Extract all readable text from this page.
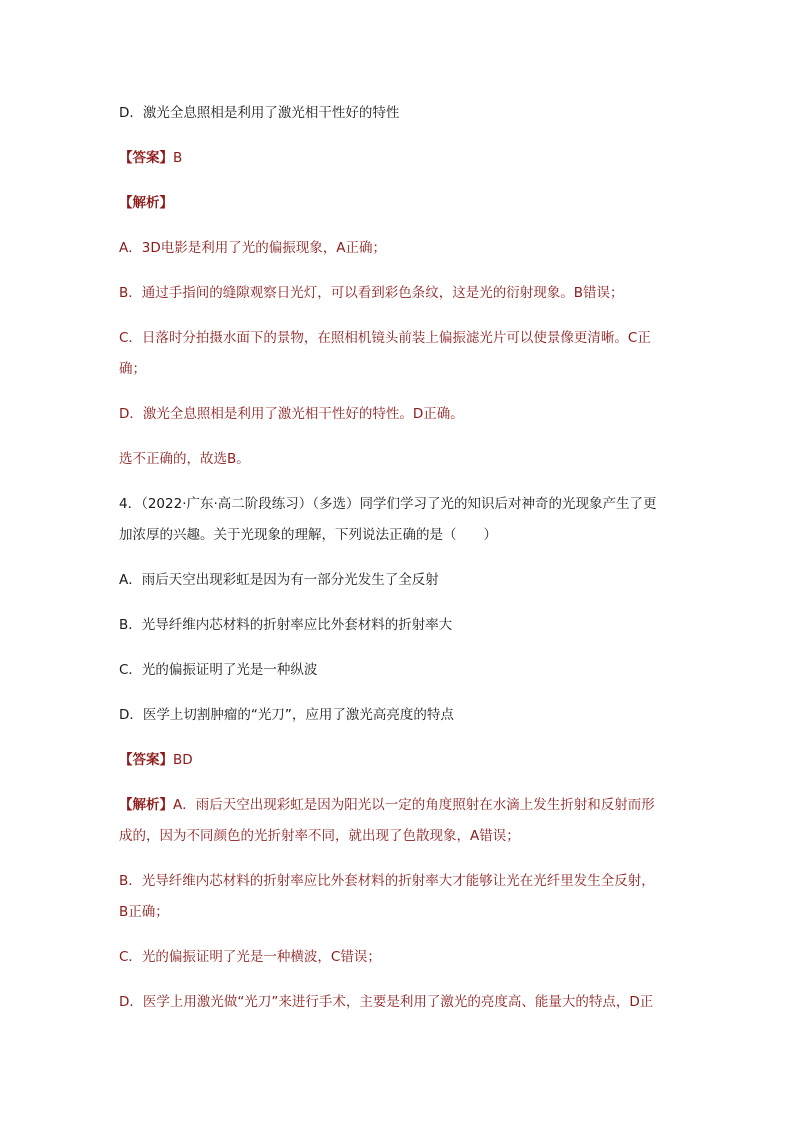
D．激光全息照相是利用了激光相干性好的特性
【答案】B
【解析】
A．3D电影是利用了光的偏振现象，A正确；
B．通过手指间的缝隙观察日光灯，可以看到彩色条纹，这是光的衍射现象。B错误；
C．日落时分拍摄水面下的景物，在照相机镜头前装上偏振滤光片可以使景像更清晰。C正
确；
D．激光全息照相是利用了激光相干性好的特性。D正确。
选不正确的，故选B。
4．（2022·广东·高二阶段练习）（多选）同学们学习了光的知识后对神奇的光现象产生了更
加浓厚的兴趣。关于光现象的理解，下列说法正确的是（　　）
A．雨后天空出现彩虹是因为有一部分光发生了全反射
B．光导纤维内芯材料的折射率应比外套材料的折射率大
C．光的偏振证明了光是一种纵波
D．医学上切割肿瘤的“光刀”，应用了激光高亮度的特点
【答案】BD
【解析】A．雨后天空出现彩虹是因为阳光以一定的角度照射在水滴上发生折射和反射而形
成的，因为不同颜色的光折射率不同，就出现了色散现象，A错误；
B．光导纤维内芯材料的折射率应比外套材料的折射率大才能够让光在光纤里发生全反射，
B正确；
C．光的偏振证明了光是一种横波，C错误；
D．医学上用激光做“光刀”来进行手术，主要是利用了激光的亮度高、能量大的特点，D正
